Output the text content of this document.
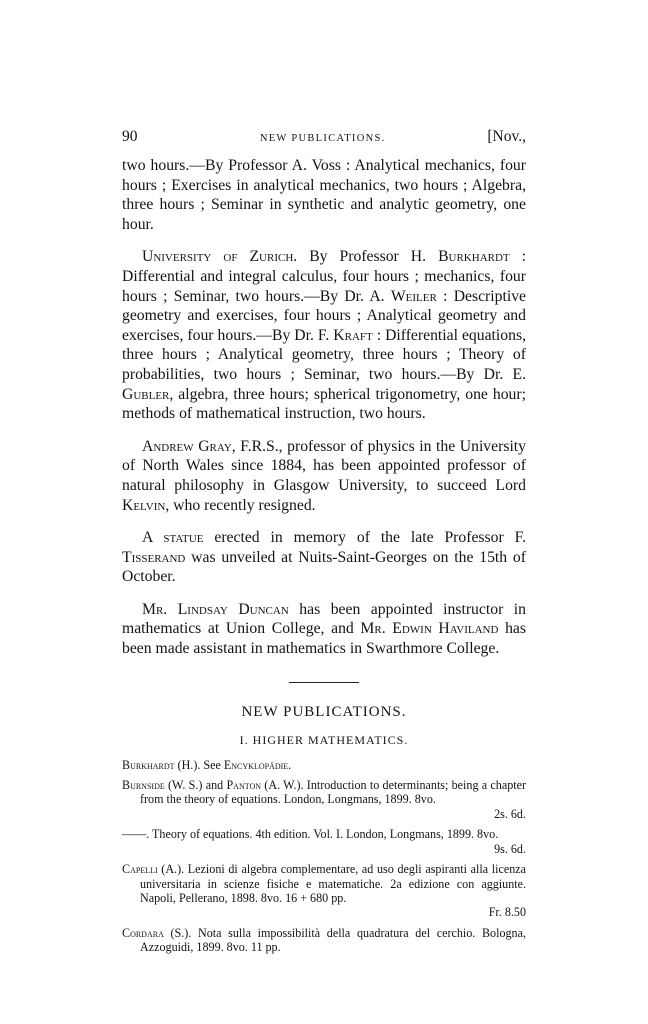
90	NEW PUBLICATIONS.	[Nov.,

two hours.—By Professor A. Voss : Analytical mechanics, four hours ; Exercises in analytical mechanics, two hours ; Algebra, three hours ; Seminar in synthetic and analytic geometry, one hour.

University of Zurich. By Professor H. Burkhardt : Differential and integral calculus, four hours ; mechanics, four hours ; Seminar, two hours.—By Dr. A. Weiler : Descriptive geometry and exercises, four hours ; Analytical geometry and exercises, four hours.—By Dr. F. Kraft : Differential equations, three hours ; Analytical geometry, three hours ; Theory of probabilities, two hours ; Seminar, two hours.—By Dr. E. Gubler, algebra, three hours; spherical trigonometry, one hour; methods of mathematical instruction, two hours.

Andrew Gray, F.R.S., professor of physics in the University of North Wales since 1884, has been appointed professor of natural philosophy in Glasgow University, to succeed Lord Kelvin, who recently resigned.

A statue erected in memory of the late Professor F. Tisserand was unveiled at Nuits-Saint-Georges on the 15th of October.

Mr. Lindsay Duncan has been appointed instructor in mathematics at Union College, and Mr. Edwin Haviland has been made assistant in mathematics in Swarthmore College.

NEW PUBLICATIONS.
I. HIGHER MATHEMATICS.
Burkhardt (H.). See Encyklopädie.
Burnside (W. S.) and Panton (A. W.). Introduction to determinants; being a chapter from the theory of equations. London, Longmans, 1899. 8vo.
2s. 6d.
——. Theory of equations. 4th edition. Vol. I. London, Longmans, 1899. 8vo.
9s. 6d.
Capelli (A.). Lezioni di algebra complementare, ad uso degli aspiranti alla licenza universitaria in scienze fisiche e matematiche. 2a edizione con aggiunte. Napoli, Pellerano, 1898. 8vo. 16 + 680 pp.
Fr. 8.50
Cordara (S.). Nota sulla impossibilità della quadratura del cerchio. Bologna, Azzoguidi, 1899. 8vo. 11 pp.
